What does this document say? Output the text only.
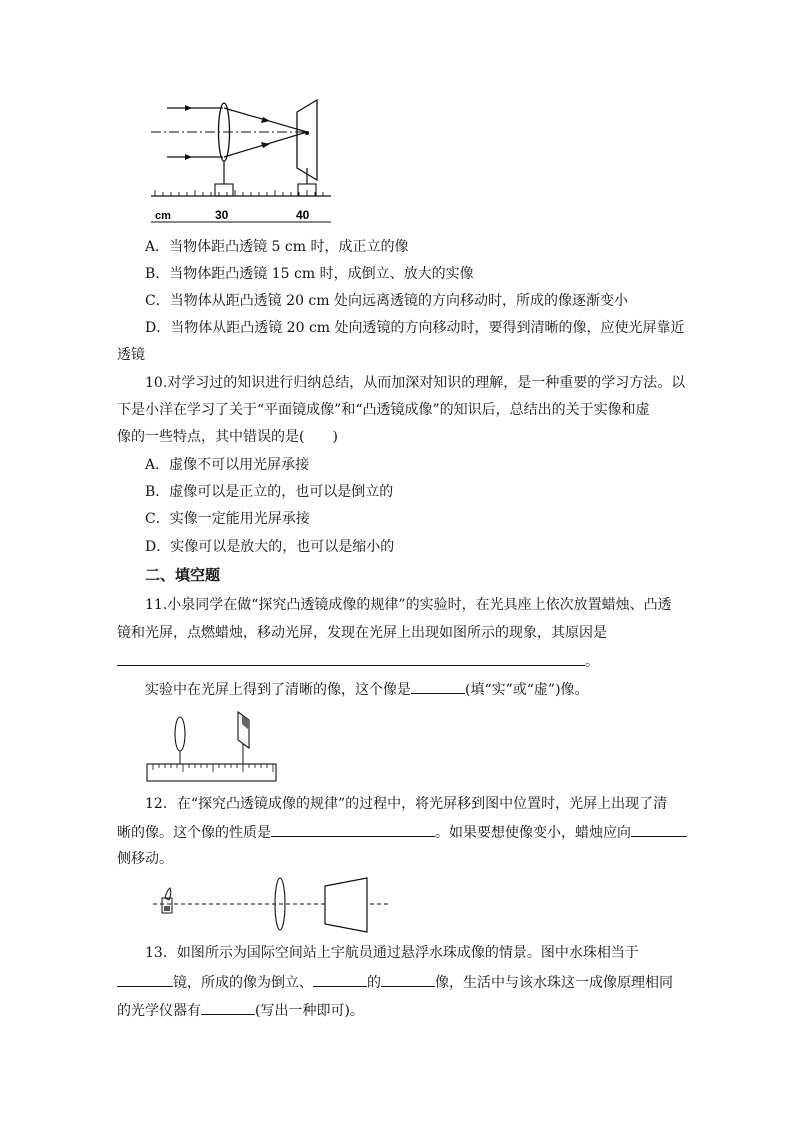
cm	30	40
A．当物体距凸透镜 5 cm 时，成正立的像
B．当物体距凸透镜 15 cm 时，成倒立、放大的实像
C．当物体从距凸透镜 20 cm 处向远离透镜的方向移动时，所成的像逐渐变小
D．当物体从距凸透镜 20 cm 处向透镜的方向移动时，要得到清晰的像，应使光屏靠近
透镜
10.对学习过的知识进行归纳总结，从而加深对知识的理解，是一种重要的学习方法。以
下是小洋在学习了关于“平面镜成像”和“凸透镜成像”的知识后，总结出的关于实像和虚
像的一些特点，其中错误的是(　　)
A．虚像不可以用光屏承接
B．虚像可以是正立的，也可以是倒立的
C．实像一定能用光屏承接
D．实像可以是放大的，也可以是缩小的
二、填空题
11.小泉同学在做“探究凸透镜成像的规律”的实验时，在光具座上依次放置蜡烛、凸透
镜和光屏，点燃蜡烛，移动光屏，发现在光屏上出现如图所示的现象，其原因是
。
实验中在光屏上得到了清晰的像，这个像是	(填“实”或“虚”)像。
12．在“探究凸透镜成像的规律”的过程中，将光屏移到图中位置时，光屏上出现了清
晰的像。这个像的性质是	。如果要想使像变小，蜡烛应向
侧移动。
13．如图所示为国际空间站上宇航员通过悬浮水珠成像的情景。图中水珠相当于
镜，所成的像为倒立、	的	像，生活中与该水珠这一成像原理相同
的光学仪器有	(写出一种即可)。
